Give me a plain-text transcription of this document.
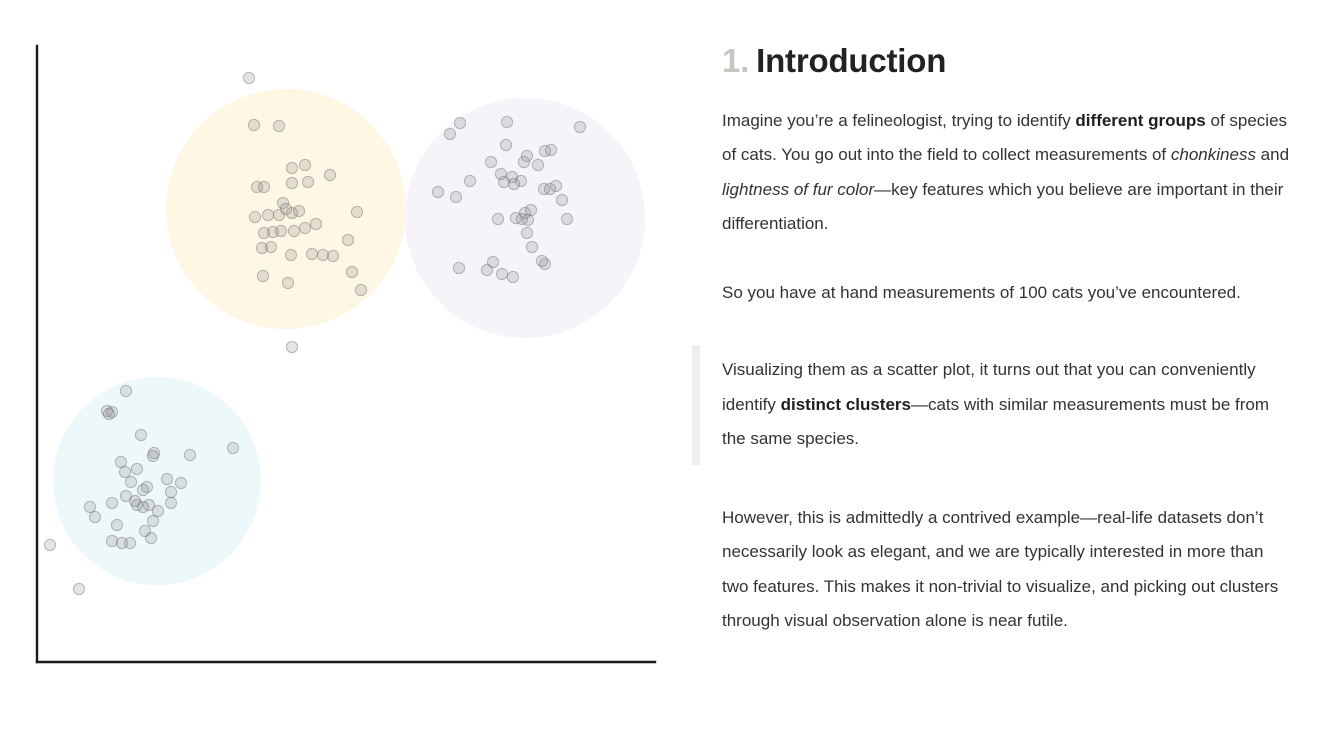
1. Introduction

Imagine you’re a felineologist, trying to identify different groups of species of cats. You go out into the field to collect measurements of chonkiness and lightness of fur color—key features which you believe are important in their differentiation.

So you have at hand measurements of 100 cats you’ve encountered.

Visualizing them as a scatter plot, it turns out that you can conveniently identify distinct clusters—cats with similar measurements must be from the same species.

However, this is admittedly a contrived example—real-life datasets don’t necessarily look as elegant, and we are typically interested in more than two features. This makes it non-trivial to visualize, and picking out clusters through visual observation alone is near futile.
